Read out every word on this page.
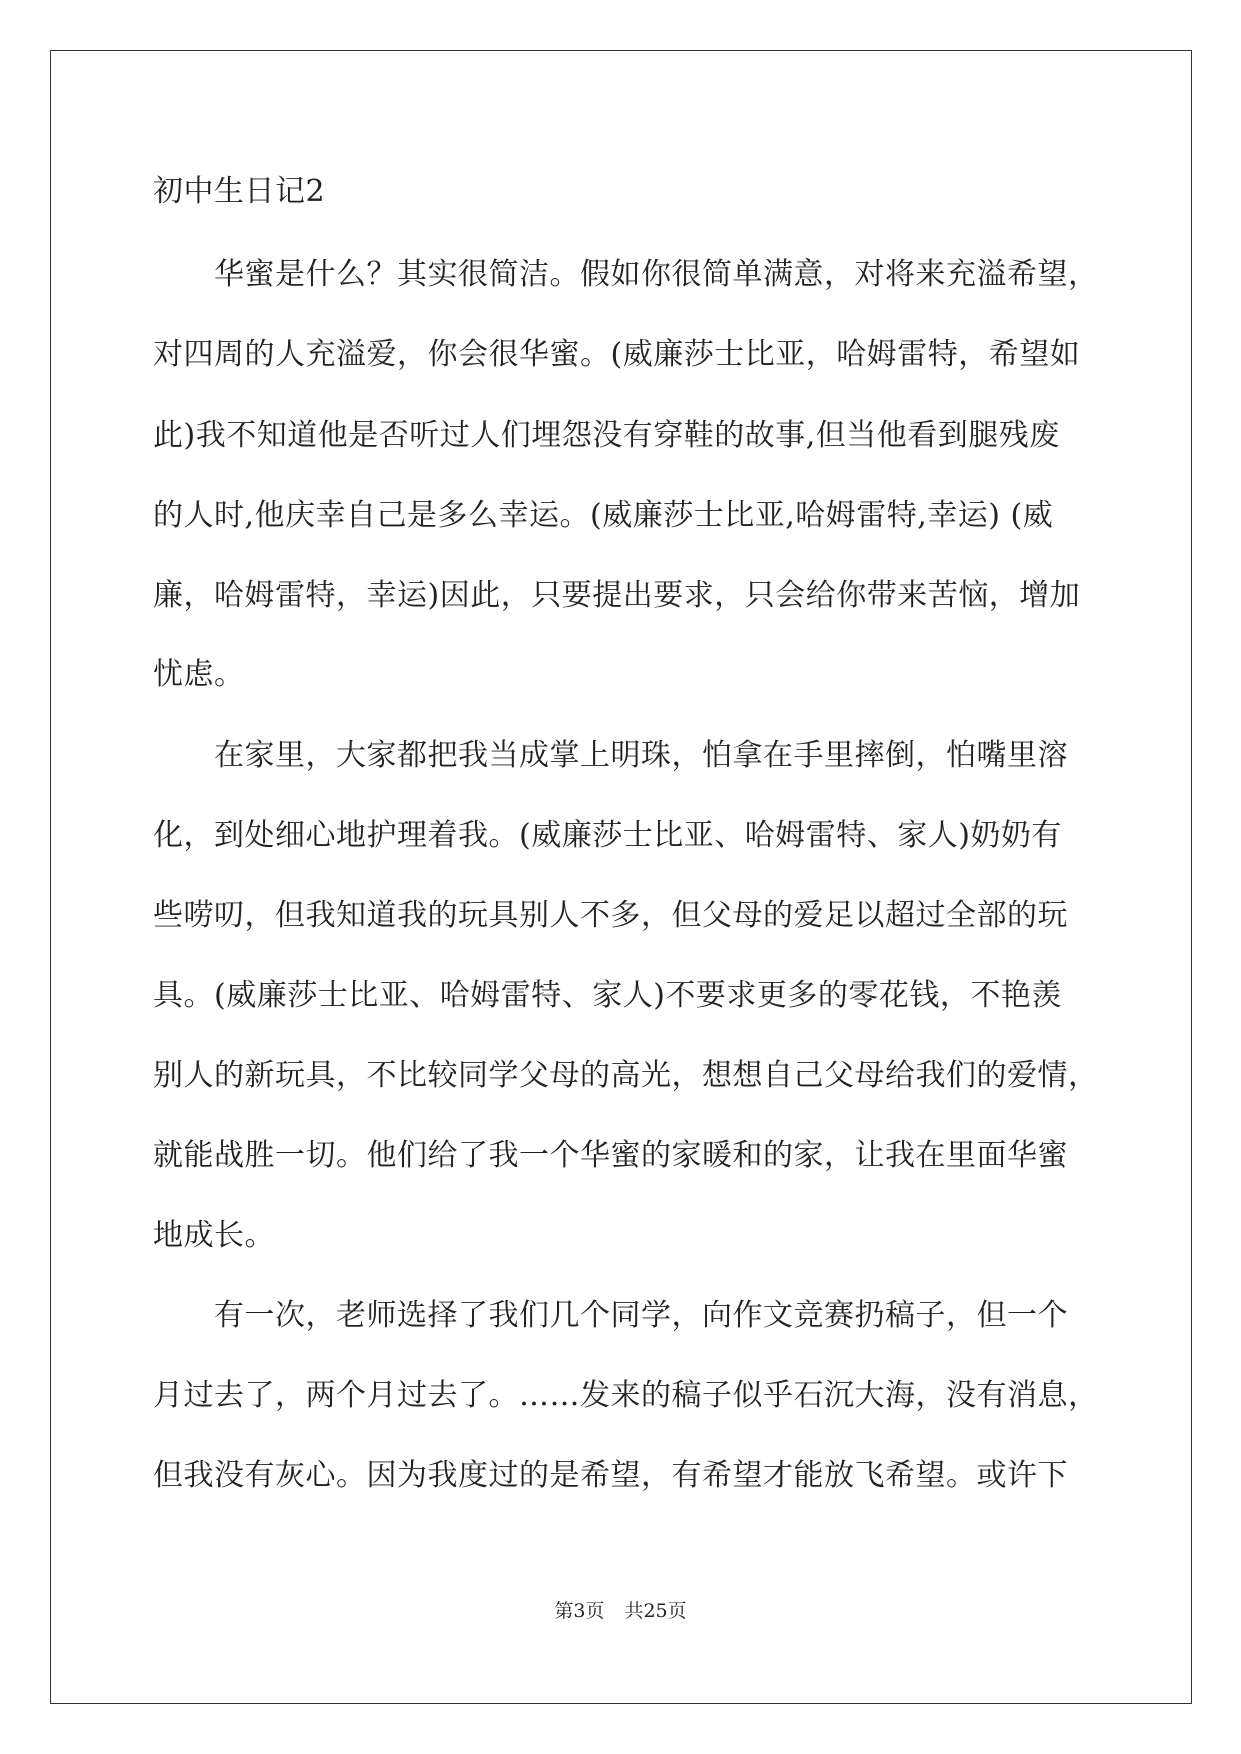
初中生日记2
　　华蜜是什么？其实很简洁。假如你很简单满意，对将来充溢希望，
对四周的人充溢爱，你会很华蜜。(威廉莎士比亚，哈姆雷特，希望如
此)我不知道他是否听过人们埋怨没有穿鞋的故事,但当他看到腿残废
的人时,他庆幸自己是多么幸运。(威廉莎士比亚,哈姆雷特,幸运) (威
廉，哈姆雷特，幸运)因此，只要提出要求，只会给你带来苦恼，增加
忧虑。
　　在家里，大家都把我当成掌上明珠，怕拿在手里摔倒，怕嘴里溶
化，到处细心地护理着我。(威廉莎士比亚、哈姆雷特、家人)奶奶有
些唠叨，但我知道我的玩具别人不多，但父母的爱足以超过全部的玩
具。(威廉莎士比亚、哈姆雷特、家人)不要求更多的零花钱，不艳羡
别人的新玩具，不比较同学父母的高光，想想自己父母给我们的爱情，
就能战胜一切。他们给了我一个华蜜的家暖和的家，让我在里面华蜜
地成长。
　　有一次，老师选择了我们几个同学，向作文竞赛扔稿子，但一个
月过去了，两个月过去了。……发来的稿子似乎石沉大海，没有消息，
但我没有灰心。因为我度过的是希望，有希望才能放飞希望。或许下
第3页 共25页
